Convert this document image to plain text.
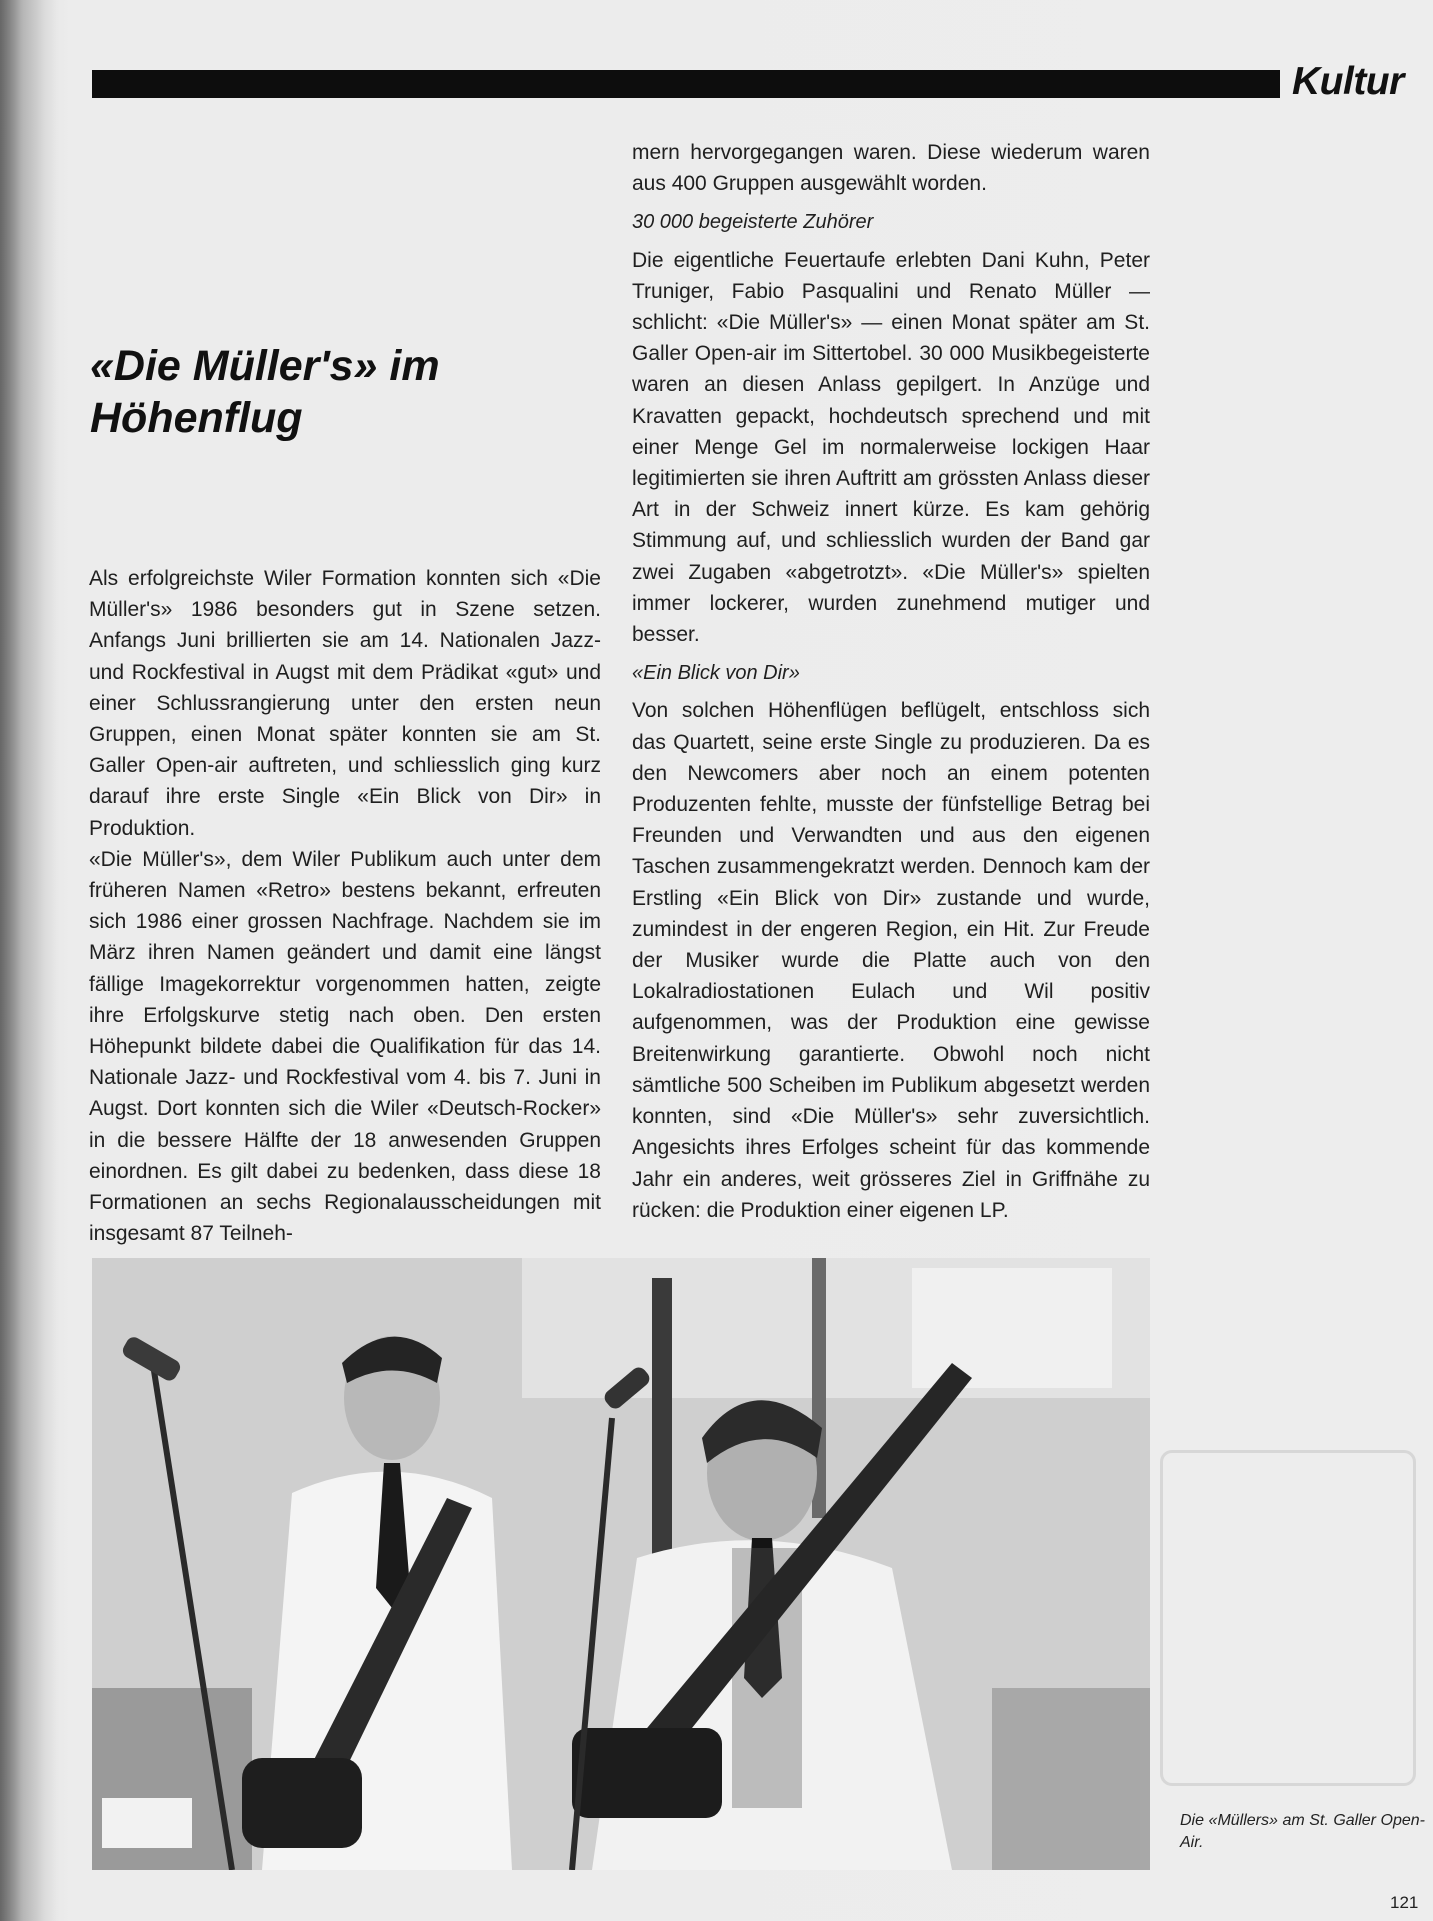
Kultur
«Die Müller's» im Höhenflug

Als erfolgreichste Wiler Formation konnten sich «Die Müller's» 1986 besonders gut in Szene setzen. Anfangs Juni brillierten sie am 14. Nationalen Jazz- und Rockfestival in Augst mit dem Prädikat «gut» und einer Schlussrangierung unter den ersten neun Gruppen, einen Monat später konnten sie am St. Galler Open-air auftreten, und schliesslich ging kurz darauf ihre erste Single «Ein Blick von Dir» in Produktion.

«Die Müller's», dem Wiler Publikum auch unter dem früheren Namen «Retro» bestens bekannt, erfreuten sich 1986 einer grossen Nachfrage. Nachdem sie im März ihren Namen geändert und damit eine längst fällige Imagekorrektur vorgenommen hatten, zeigte ihre Erfolgskurve stetig nach oben. Den ersten Höhepunkt bildete dabei die Qualifikation für das 14. Nationale Jazz- und Rockfestival vom 4. bis 7. Juni in Augst. Dort konnten sich die Wiler «Deutsch-Rocker» in die bessere Hälfte der 18 anwesenden Gruppen einordnen. Es gilt dabei zu bedenken, dass diese 18 Formationen an sechs Regionalausscheidungen mit insgesamt 87 Teilneh-

mern hervorgegangen waren. Diese wiederum waren aus 400 Gruppen ausgewählt worden.

30 000 begeisterte Zuhörer

Die eigentliche Feuertaufe erlebten Dani Kuhn, Peter Truniger, Fabio Pasqualini und Renato Müller — schlicht: «Die Müller's» — einen Monat später am St. Galler Open-air im Sittertobel. 30 000 Musikbegeisterte waren an diesen Anlass gepilgert. In Anzüge und Kravatten gepackt, hochdeutsch sprechend und mit einer Menge Gel im normalerweise lockigen Haar legitimierten sie ihren Auftritt am grössten Anlass dieser Art in der Schweiz innert kürze. Es kam gehörig Stimmung auf, und schliesslich wurden der Band gar zwei Zugaben «abgetrotzt». «Die Müller's» spielten immer lockerer, wurden zunehmend mutiger und besser.

«Ein Blick von Dir»

Von solchen Höhenflügen beflügelt, entschloss sich das Quartett, seine erste Single zu produzieren. Da es den Newcomers aber noch an einem potenten Produzenten fehlte, musste der fünfstellige Betrag bei Freunden und Verwandten und aus den eigenen Taschen zusammengekratzt werden. Dennoch kam der Erstling «Ein Blick von Dir» zustande und wurde, zumindest in der engeren Region, ein Hit. Zur Freude der Musiker wurde die Platte auch von den Lokalradiostationen Eulach und Wil positiv aufgenommen, was der Produktion eine gewisse Breitenwirkung garantierte. Obwohl noch nicht sämtliche 500 Scheiben im Publikum abgesetzt werden konnten, sind «Die Müller's» sehr zuversichtlich. Angesichts ihres Erfolges scheint für das kommende Jahr ein anderes, weit grösseres Ziel in Griffnähe zu rücken: die Produktion einer eigenen LP.

Die «Müllers» am St. Galler Open-Air.
121
